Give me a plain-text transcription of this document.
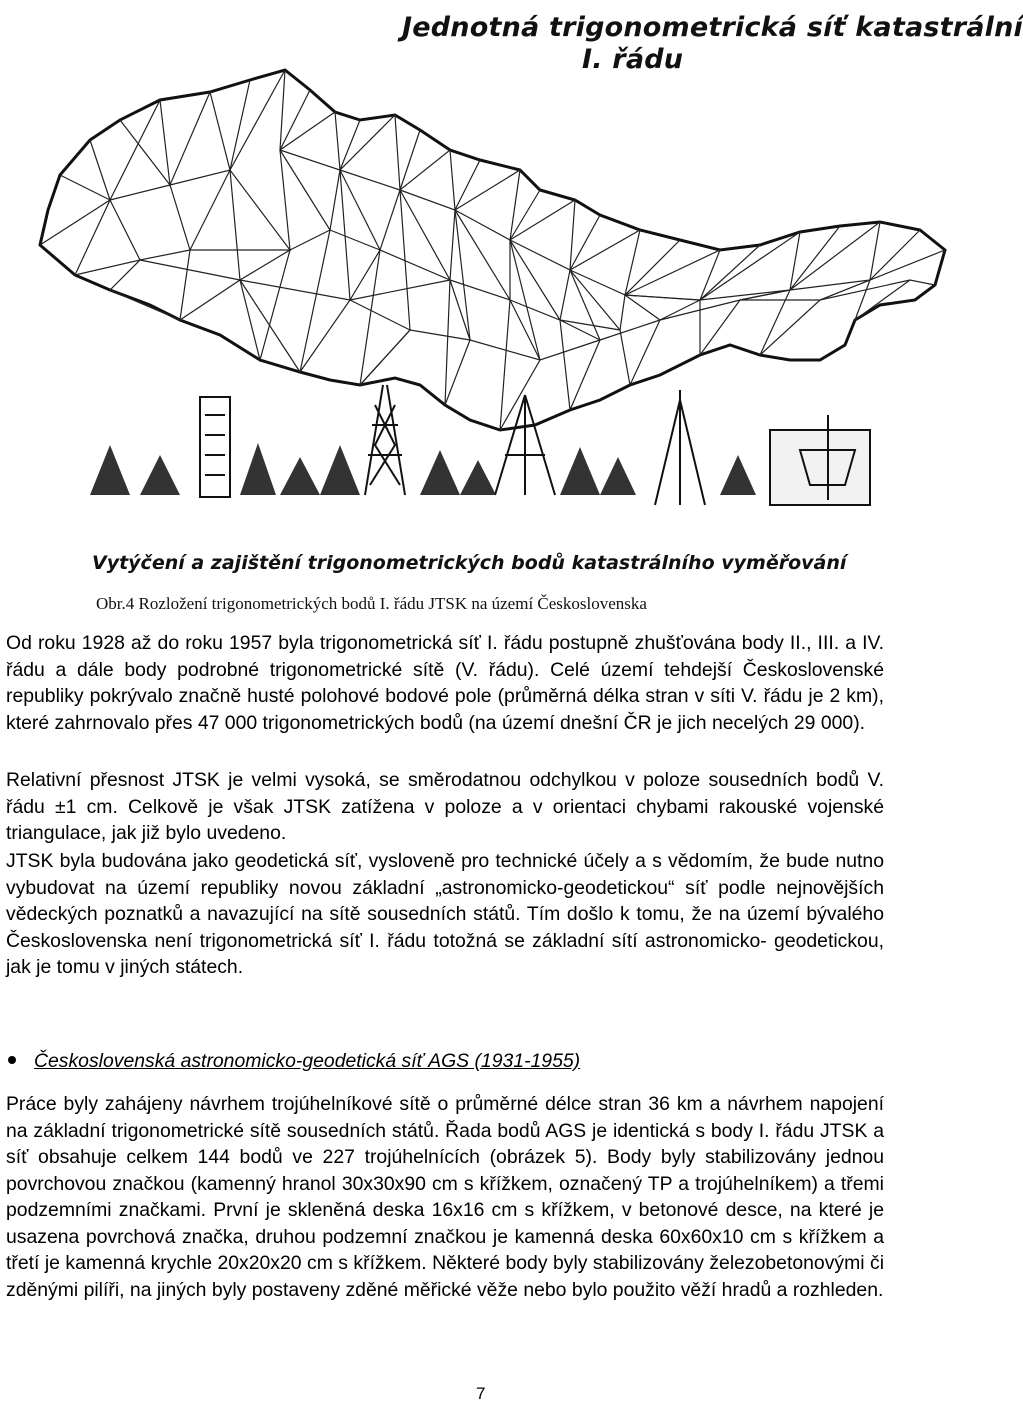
Jednotná trigonometrická síť katastrální
I. řádu
Vytýčení a zajištění trigonometrických bodů katastrálního vyměřování
Obr.4 Rozložení trigonometrických bodů I. řádu JTSK na území Československa

Od roku 1928 až do roku 1957 byla trigonometrická síť I. řádu postupně zhušťována body II., III. a IV. řádu a dále body podrobné trigonometrické sítě (V. řádu). Celé území tehdejší Československé republiky pokrývalo značně husté polohové bodové pole (průměrná délka stran v síti V. řádu je 2 km), které zahrnovalo přes 47 000 trigonometrických bodů (na území dnešní ČR je jich necelých 29 000).

Relativní přesnost JTSK je velmi vysoká, se směrodatnou odchylkou v poloze sousedních bodů V. řádu ±1 cm. Celkově je však JTSK zatížena v poloze a v orientaci chybami rakouské vojenské triangulace, jak již bylo uvedeno.

JTSK byla budována jako geodetická síť, vysloveně pro technické účely a s vědomím, že bude nutno vybudovat na území republiky novou základní „astronomicko-geodetickou“ síť podle nejnovějších vědeckých poznatků a navazující na sítě sousedních států. Tím došlo k tomu, že na území bývalého Československa není trigonometrická síť I. řádu totožná se základní sítí astronomicko- geodetickou, jak je tomu v jiných státech.

Československá astronomicko-geodetická síť AGS (1931-1955)

Práce byly zahájeny návrhem trojúhelníkové sítě o průměrné délce stran 36 km a návrhem napojení na základní trigonometrické sítě sousedních států. Řada bodů AGS je identická s body I. řádu JTSK a síť obsahuje celkem 144 bodů ve 227 trojúhelnících (obrázek 5). Body byly stabilizovány jednou povrchovou značkou (kamenný hranol 30x30x90 cm s křížkem, označený TP a trojúhelníkem) a třemi podzemními značkami. První je skleněná deska 16x16 cm s křížkem, v betonové desce, na které je usazena povrchová značka, druhou podzemní značkou je kamenná deska 60x60x10 cm s křížkem a třetí je kamenná krychle 20x20x20 cm s křížkem. Některé body byly stabilizovány železobetonovými či zděnými pilíři, na jiných byly postaveny zděné měřické věže nebo bylo použito věží hradů a rozhleden.

7
